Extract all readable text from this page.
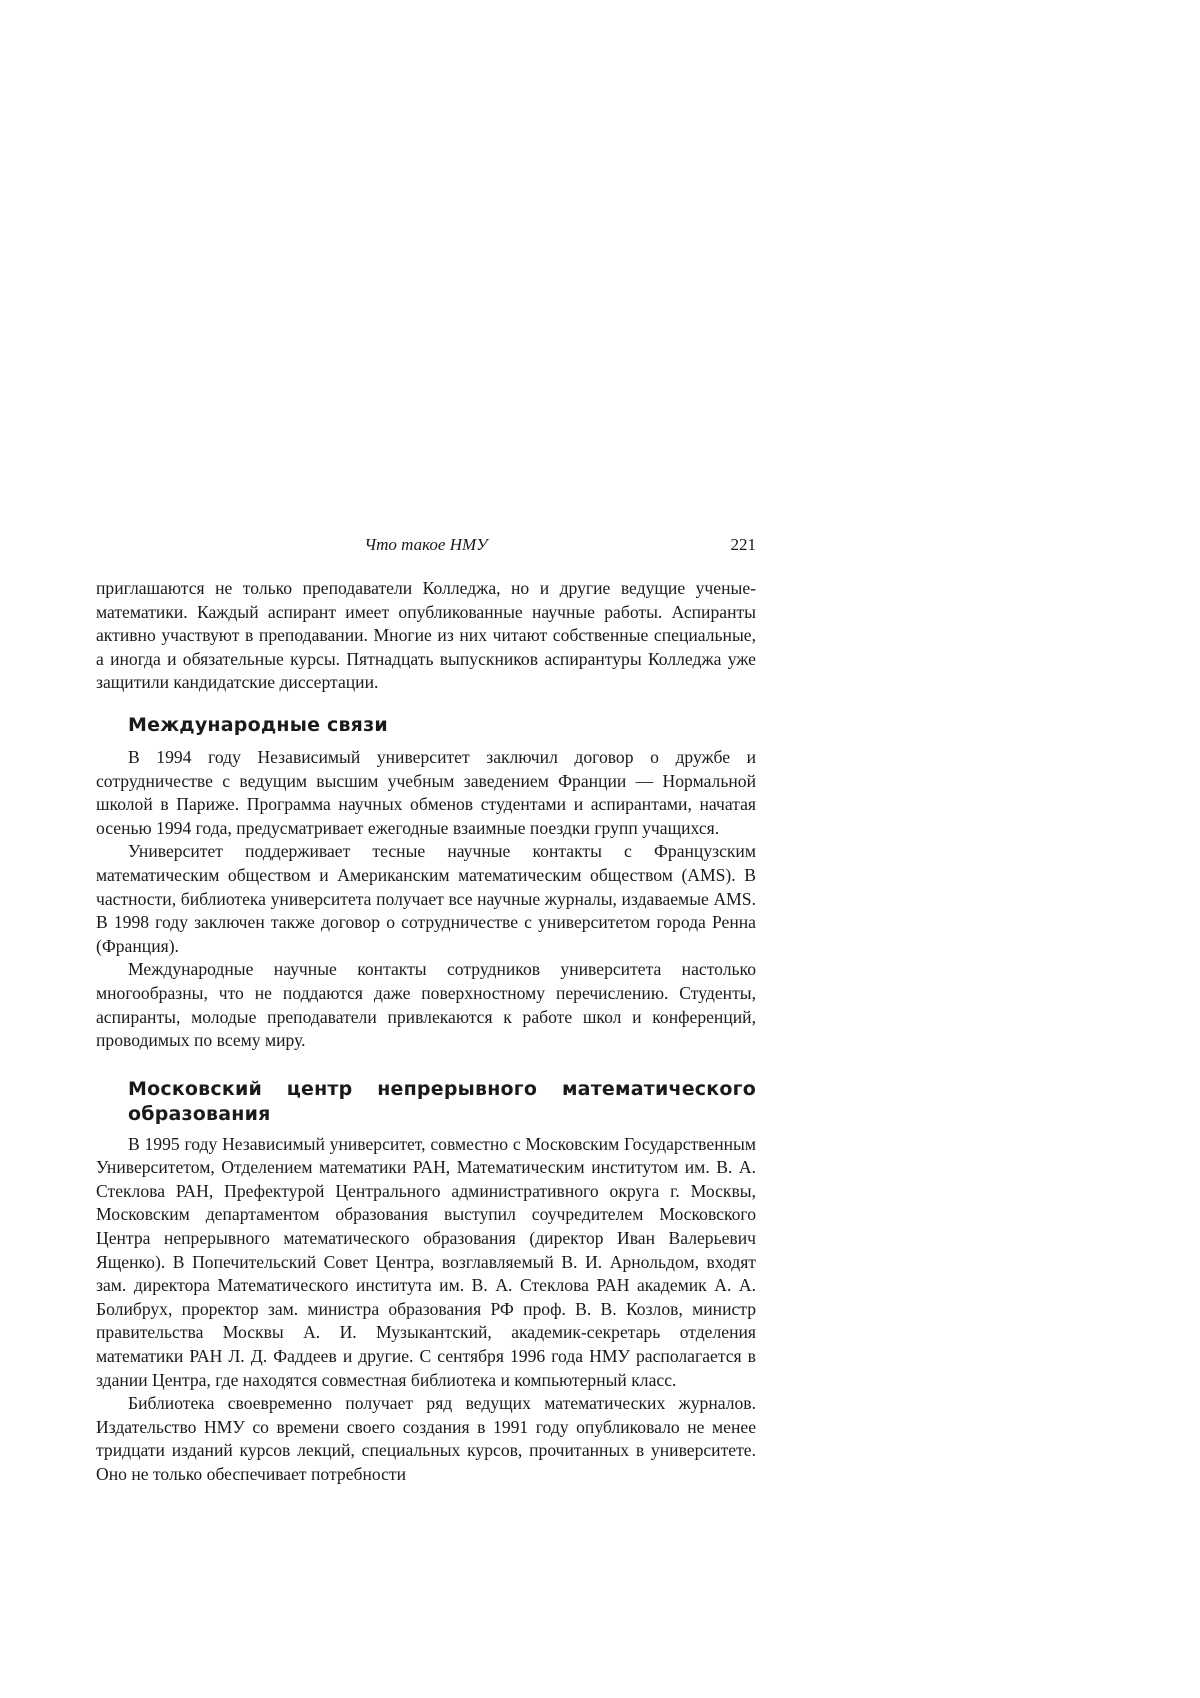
Что такое НМУ	221

приглашаются не только преподаватели Колледжа, но и другие ведущие ученые-математики. Каждый аспирант имеет опубликованные научные работы. Аспиранты активно участвуют в преподавании. Многие из них читают собственные специальные, а иногда и обязательные курсы. Пятнадцать выпускников аспирантуры Колледжа уже защитили кандидатские диссертации.

Международные связи

В 1994 году Независимый университет заключил договор о дружбе и сотрудничестве с ведущим высшим учебным заведением Франции — Нормальной школой в Париже. Программа научных обменов студентами и аспирантами, начатая осенью 1994 года, предусматривает ежегодные взаимные поездки групп учащихся.

Университет поддерживает тесные научные контакты с Французским математическим обществом и Американским математическим обществом (AMS). В частности, библиотека университета получает все научные журналы, издаваемые AMS. В 1998 году заключен также договор о сотрудничестве с университетом города Ренна (Франция).

Международные научные контакты сотрудников университета настолько многообразны, что не поддаются даже поверхностному перечислению. Студенты, аспиранты, молодые преподаватели привлекаются к работе школ и конференций, проводимых по всему миру.

Московский центр непрерывного математического образования

В 1995 году Независимый университет, совместно с Московским Государственным Университетом, Отделением математики РАН, Математическим институтом им. В. А. Стеклова РАН, Префектурой Центрального административного округа г. Москвы, Московским департаментом образования выступил соучредителем Московского Центра непрерывного математического образования (директор Иван Валерьевич Ященко). В Попечительский Совет Центра, возглавляемый В. И. Арнольдом, входят зам. директора Математического института им. В. А. Стеклова РАН академик А. А. Болибрух, проректор зам. министра образования РФ проф. В. В. Козлов, министр правительства Москвы А. И. Музыкантский, академик-секретарь отделения математики РАН Л. Д. Фаддеев и другие. С сентября 1996 года НМУ располагается в здании Центра, где находятся совместная библиотека и компьютерный класс.

Библиотека своевременно получает ряд ведущих математических журналов. Издательство НМУ со времени своего создания в 1991 году опубликовало не менее тридцати изданий курсов лекций, специальных курсов, прочитанных в университете. Оно не только обеспечивает потребности
